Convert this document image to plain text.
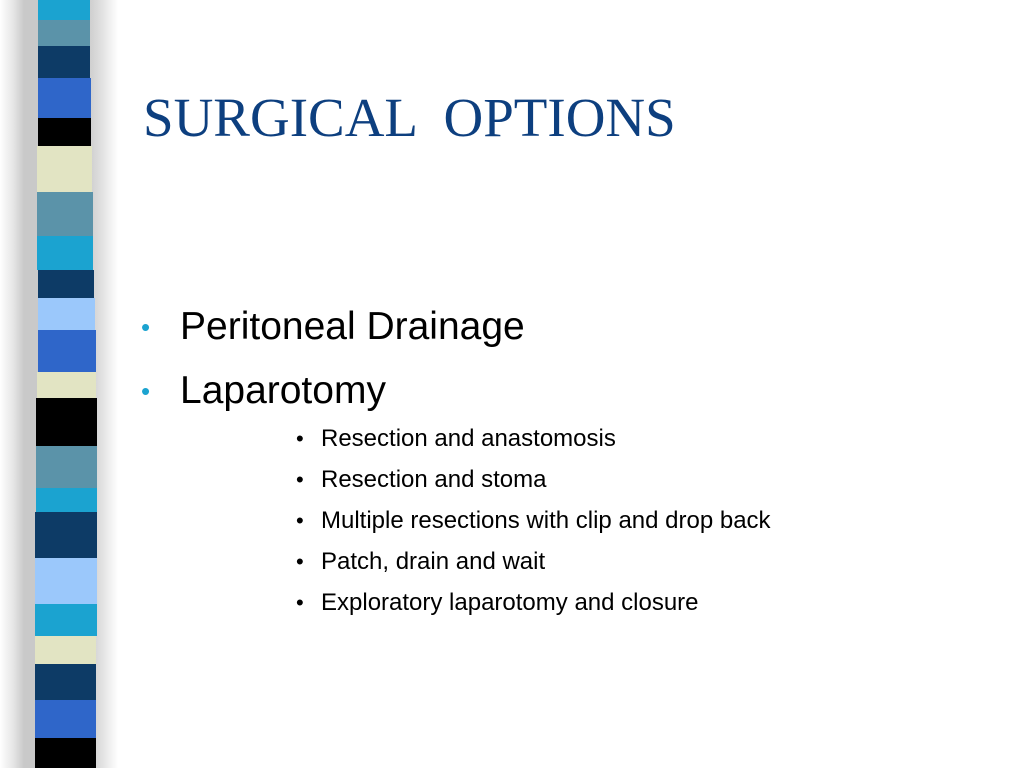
SURGICAL  OPTIONS
• Peritoneal Drainage
• Laparotomy
• Resection and anastomosis
• Resection and stoma
• Multiple resections with clip and drop back
• Patch, drain and wait
• Exploratory laparotomy and closure
